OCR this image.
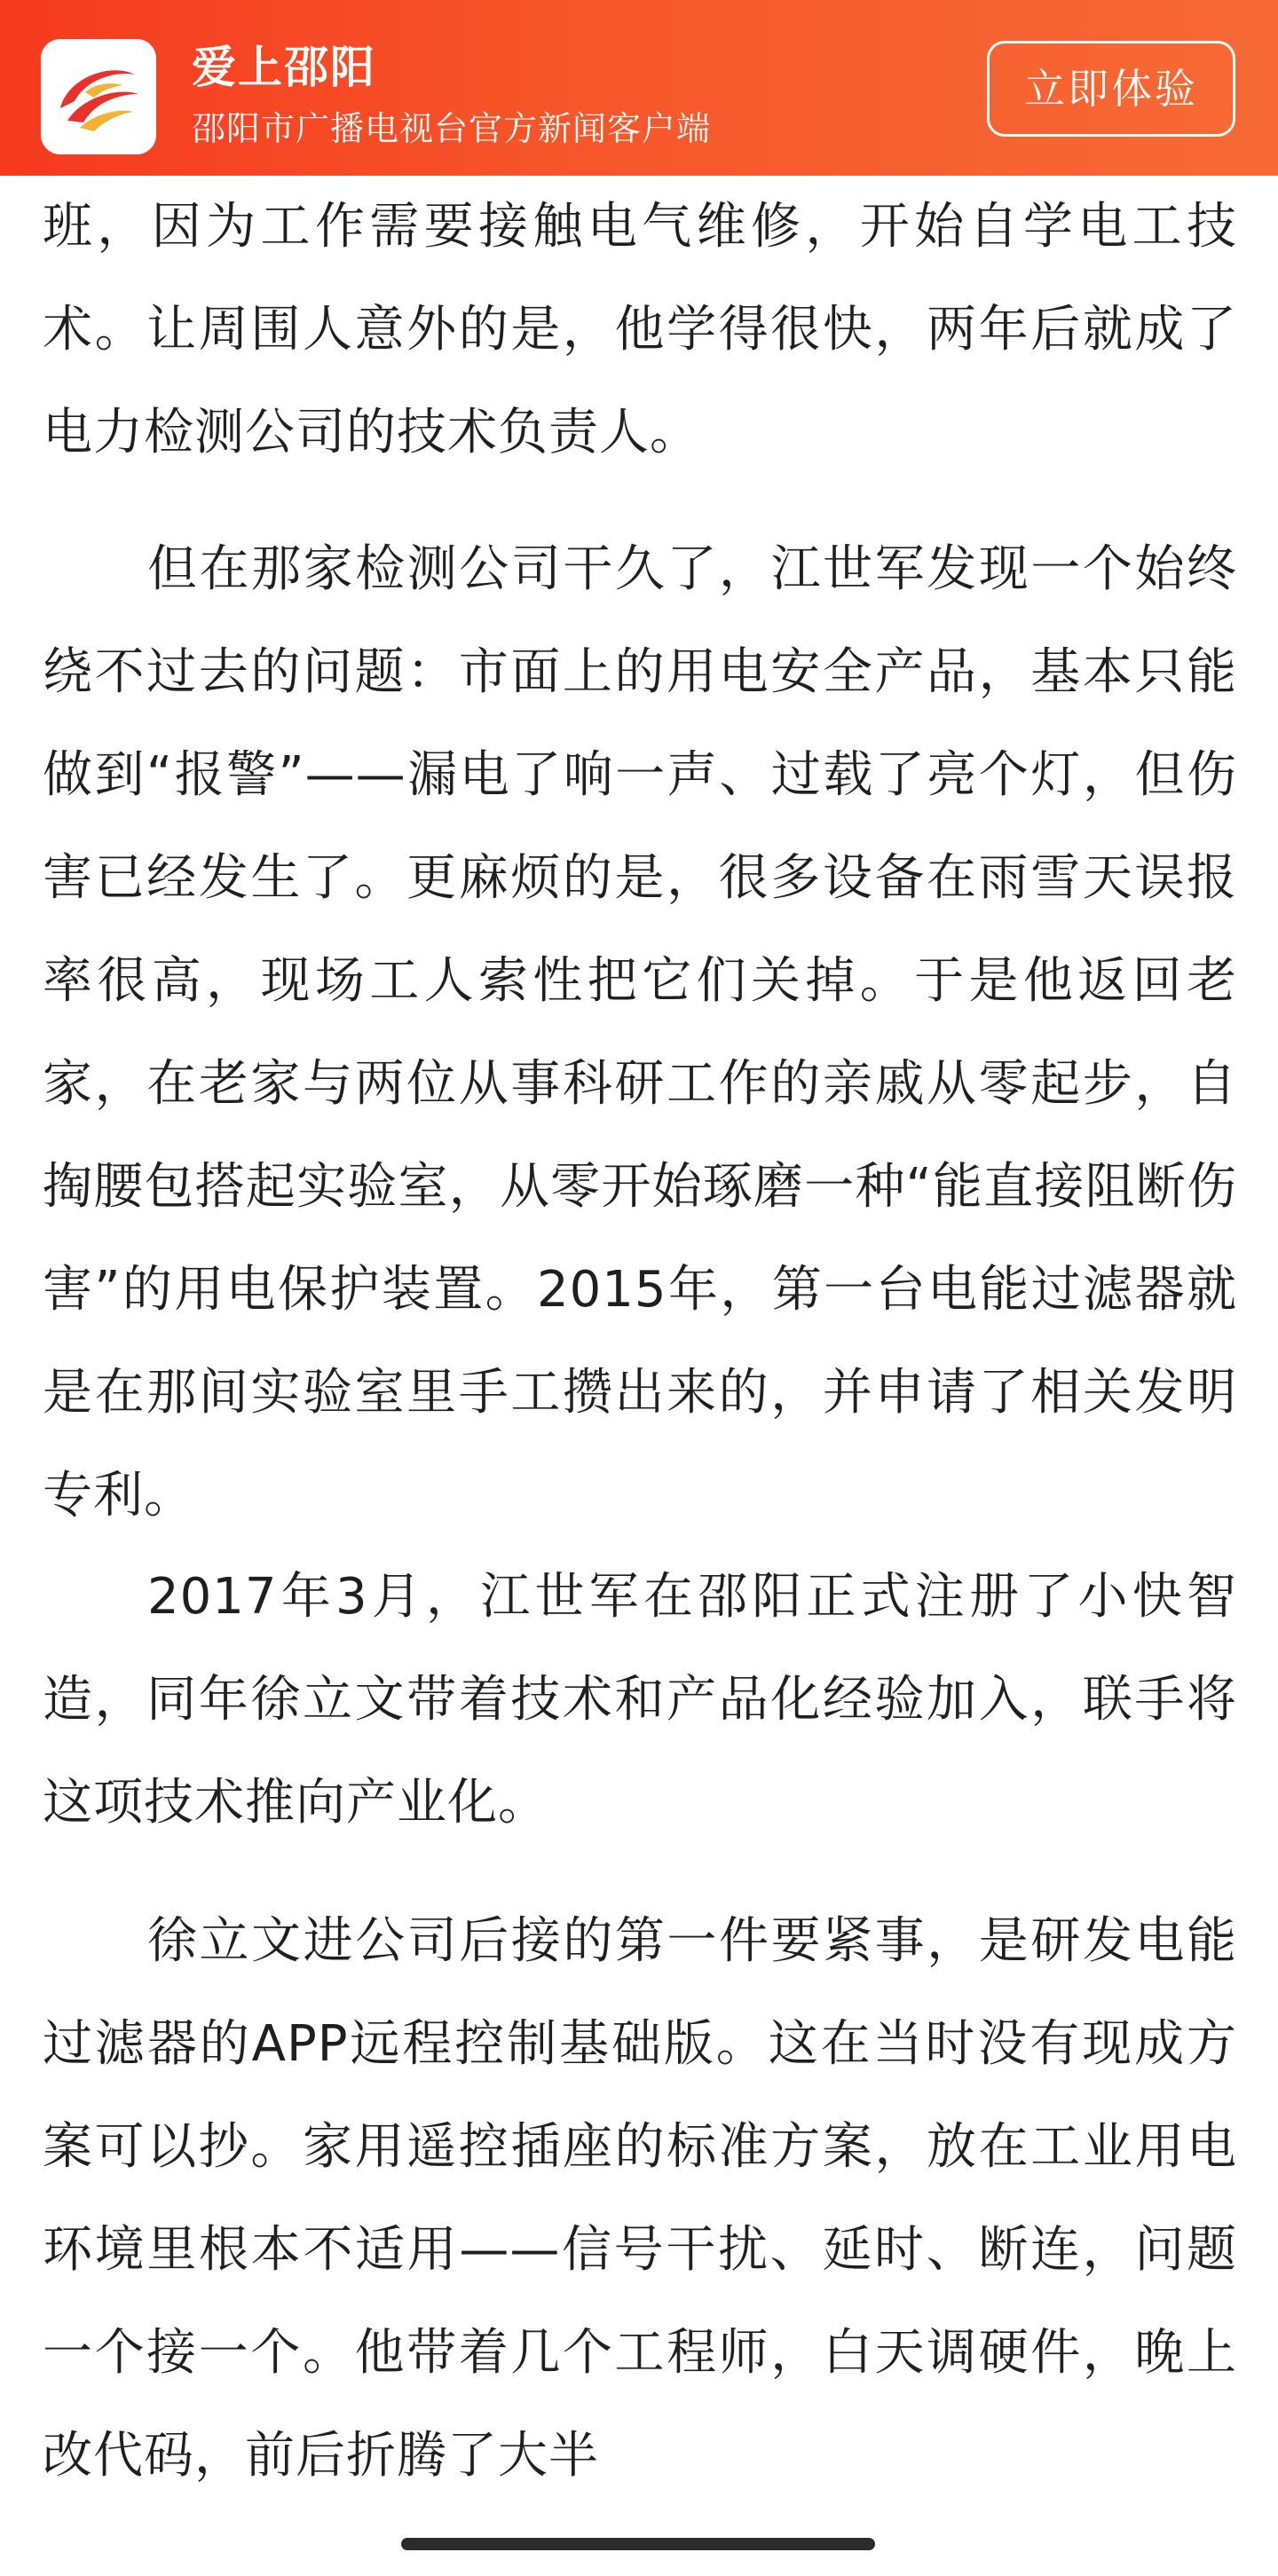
爱上邵阳
邵阳市广播电视台官方新闻客户端
立即体验

班，因为工作需要接触电气维修，开始自学电工技术。让周围人意外的是，他学得很快，两年后就成了电力检测公司的技术负责人。

但在那家检测公司干久了，江世军发现一个始终绕不过去的问题：市面上的用电安全产品，基本只能做到“报警”——漏电了响一声、过载了亮个灯，但伤害已经发生了。更麻烦的是，很多设备在雨雪天误报率很高，现场工人索性把它们关掉。于是他返回老家，在老家与两位从事科研工作的亲戚从零起步，自掏腰包搭起实验室，从零开始琢磨一种“能直接阻断伤害”的用电保护装置。2015年，第一台电能过滤器就是在那间实验室里手工攒出来的，并申请了相关发明专利。

2017年3月，江世军在邵阳正式注册了小快智造，同年徐立文带着技术和产品化经验加入，联手将这项技术推向产业化。

徐立文进公司后接的第一件要紧事，是研发电能过滤器的APP远程控制基础版。这在当时没有现成方案可以抄。家用遥控插座的标准方案，放在工业用电环境里根本不适用——信号干扰、延时、断连，问题一个接一个。他带着几个工程师，白天调硬件，晚上改代码，前后折腾了大半
